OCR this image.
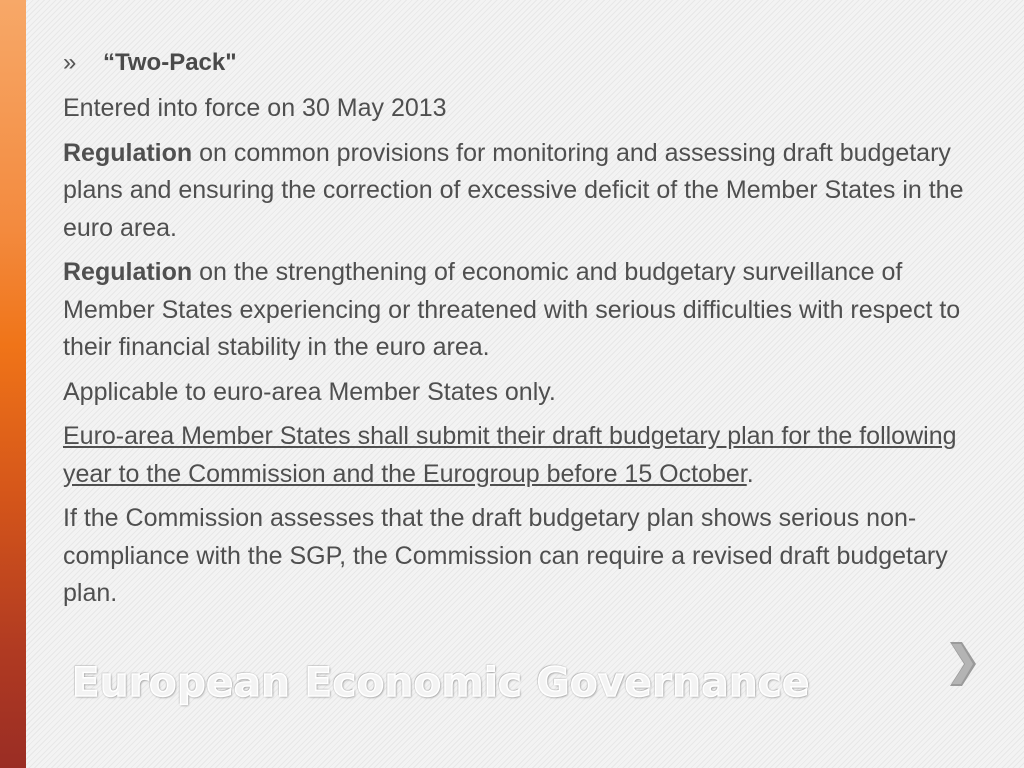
»	“Two-Pack"

Entered into force on 30 May 2013

Regulation on common provisions for monitoring and assessing draft budgetary plans and ensuring the correction of excessive deficit of the Member States in the euro area.

Regulation on the strengthening of economic and budgetary surveillance of Member States experiencing or threatened with serious difficulties with respect to their financial stability in the euro area.

Applicable to euro-area Member States only.

Euro-area Member States shall submit their draft budgetary plan for the following year to the Commission and the Eurogroup before 15 October.

If the Commission assesses that the draft budgetary plan shows serious non-compliance with the SGP, the Commission can require a revised draft budgetary plan.

European Economic Governance
